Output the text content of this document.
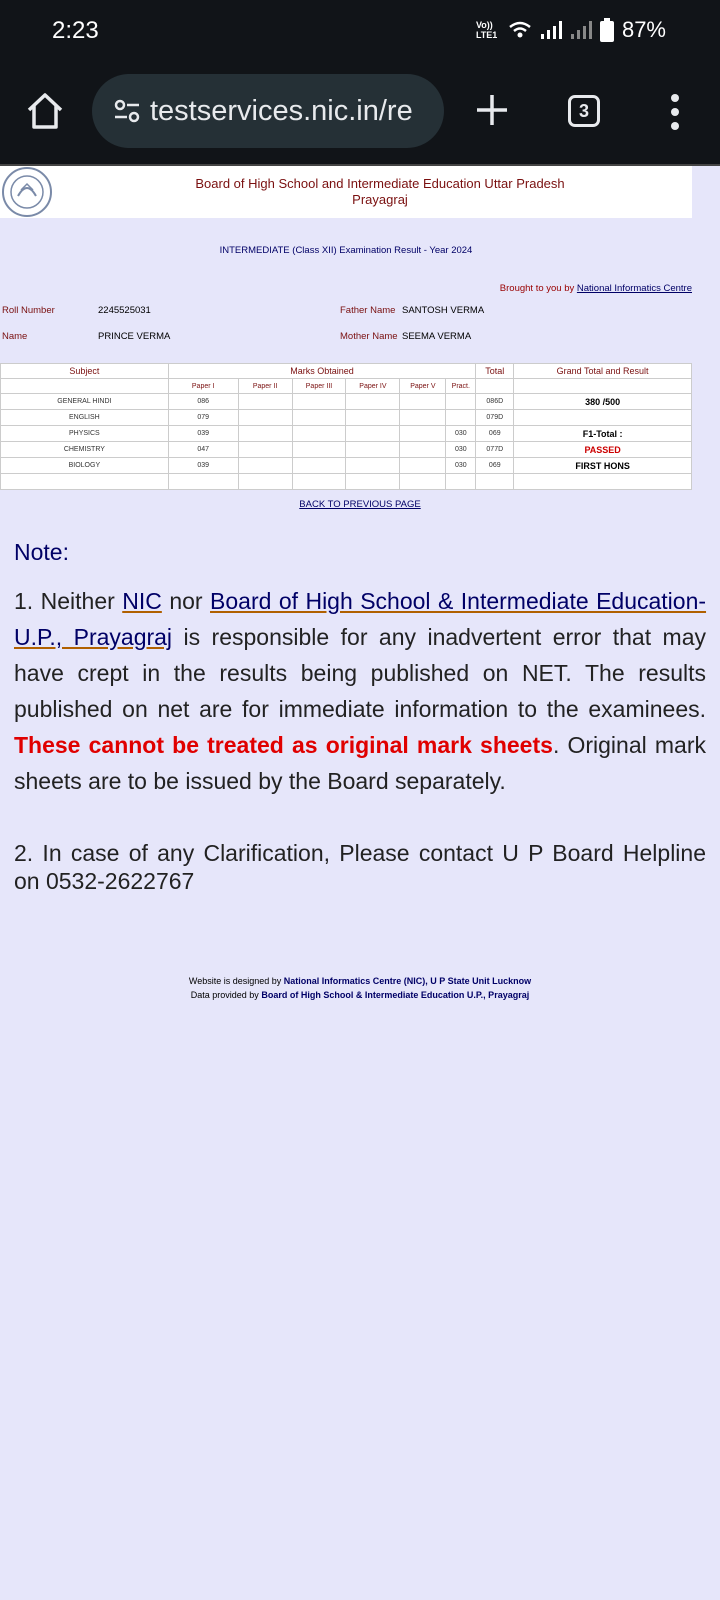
2:23	Vo)) LTE1	87%
testservices.nic.in/re	3
Board of High School and Intermediate Education Uttar Pradesh
Prayagraj
INTERMEDIATE (Class XII) Examination Result - Year 2024
Brought to you by National Informatics Centre
Roll Number	2245525031	Father Name SANTOSH VERMA
Name	PRINCE VERMA	Mother Name SEEMA VERMA
Subject	Marks Obtained						Total	Grand Total and Result
	Paper I	Paper II	Paper III	Paper IV	Paper V	Pract.		
GENERAL HINDI	086						086D	380 /500
ENGLISH	079						079D	
PHYSICS	039					030	069	F1-Total :
CHEMISTRY	047					030	077D	PASSED
BIOLOGY	039					030	069	FIRST HONS

BACK TO PREVIOUS PAGE
Note:
1. Neither NIC nor Board of High School & Intermediate Education-U.P., Prayagraj is responsible for any inadvertent error that may have crept in the results being published on NET. The results published on net are for immediate information to the examinees. These cannot be treated as original mark sheets. Original mark sheets are to be issued by the Board separately.
2. In case of any Clarification, Please contact U P Board Helpline on 0532-2622767
Website is designed by National Informatics Centre (NIC), U P State Unit Lucknow
Data provided by Board of High School & Intermediate Education U.P., Prayagraj
